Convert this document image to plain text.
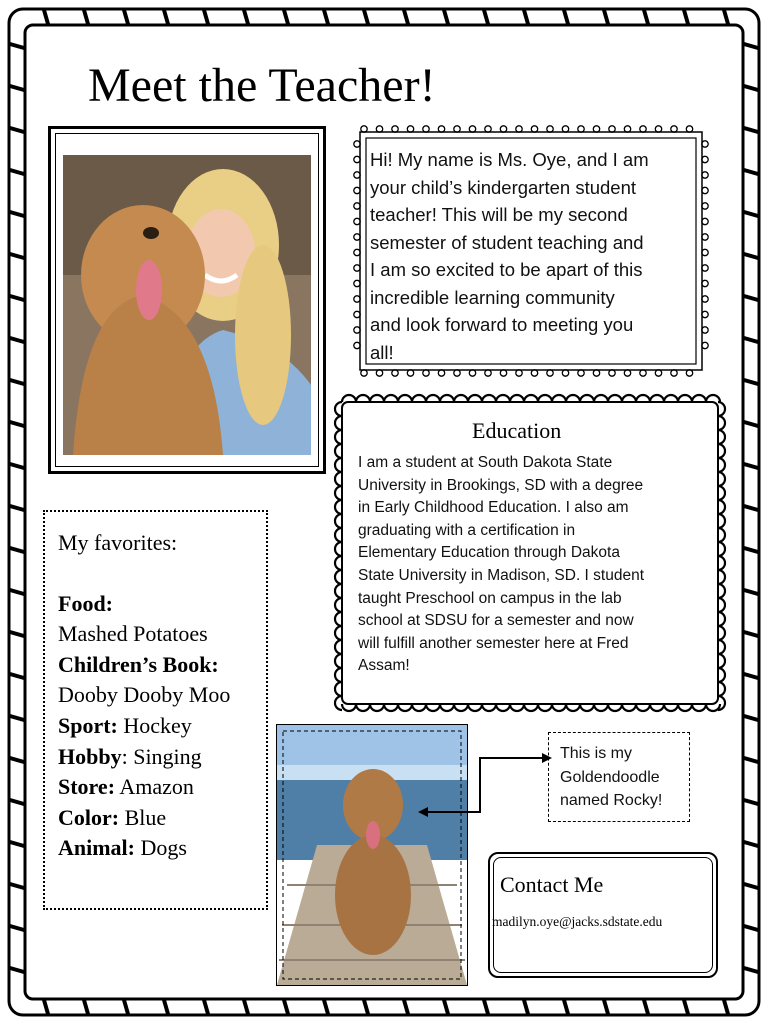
Meet the Teacher!
Hi! My name is Ms. Oye, and I am
your child’s kindergarten student
teacher! This will be my second
semester of student teaching and
I am so excited to be apart of this
incredible learning community
and look forward to meeting you
all!
Education
I am a student at South Dakota State
University in Brookings, SD with a degree
in Early Childhood Education. I also am
graduating with a certification in
Elementary Education through Dakota
State University in Madison, SD. I student
taught Preschool on campus in the lab
school at SDSU for a semester and now
will fulfill another semester here at Fred
Assam!
My favorites:
Food:
Mashed Potatoes
Children’s Book:
Dooby Dooby Moo
Sport: Hockey
Hobby: Singing
Store: Amazon
Color: Blue
Animal: Dogs
This is my
Goldendoodle
named Rocky!
Contact Me
madilyn.oye@jacks.sdstate.edu
